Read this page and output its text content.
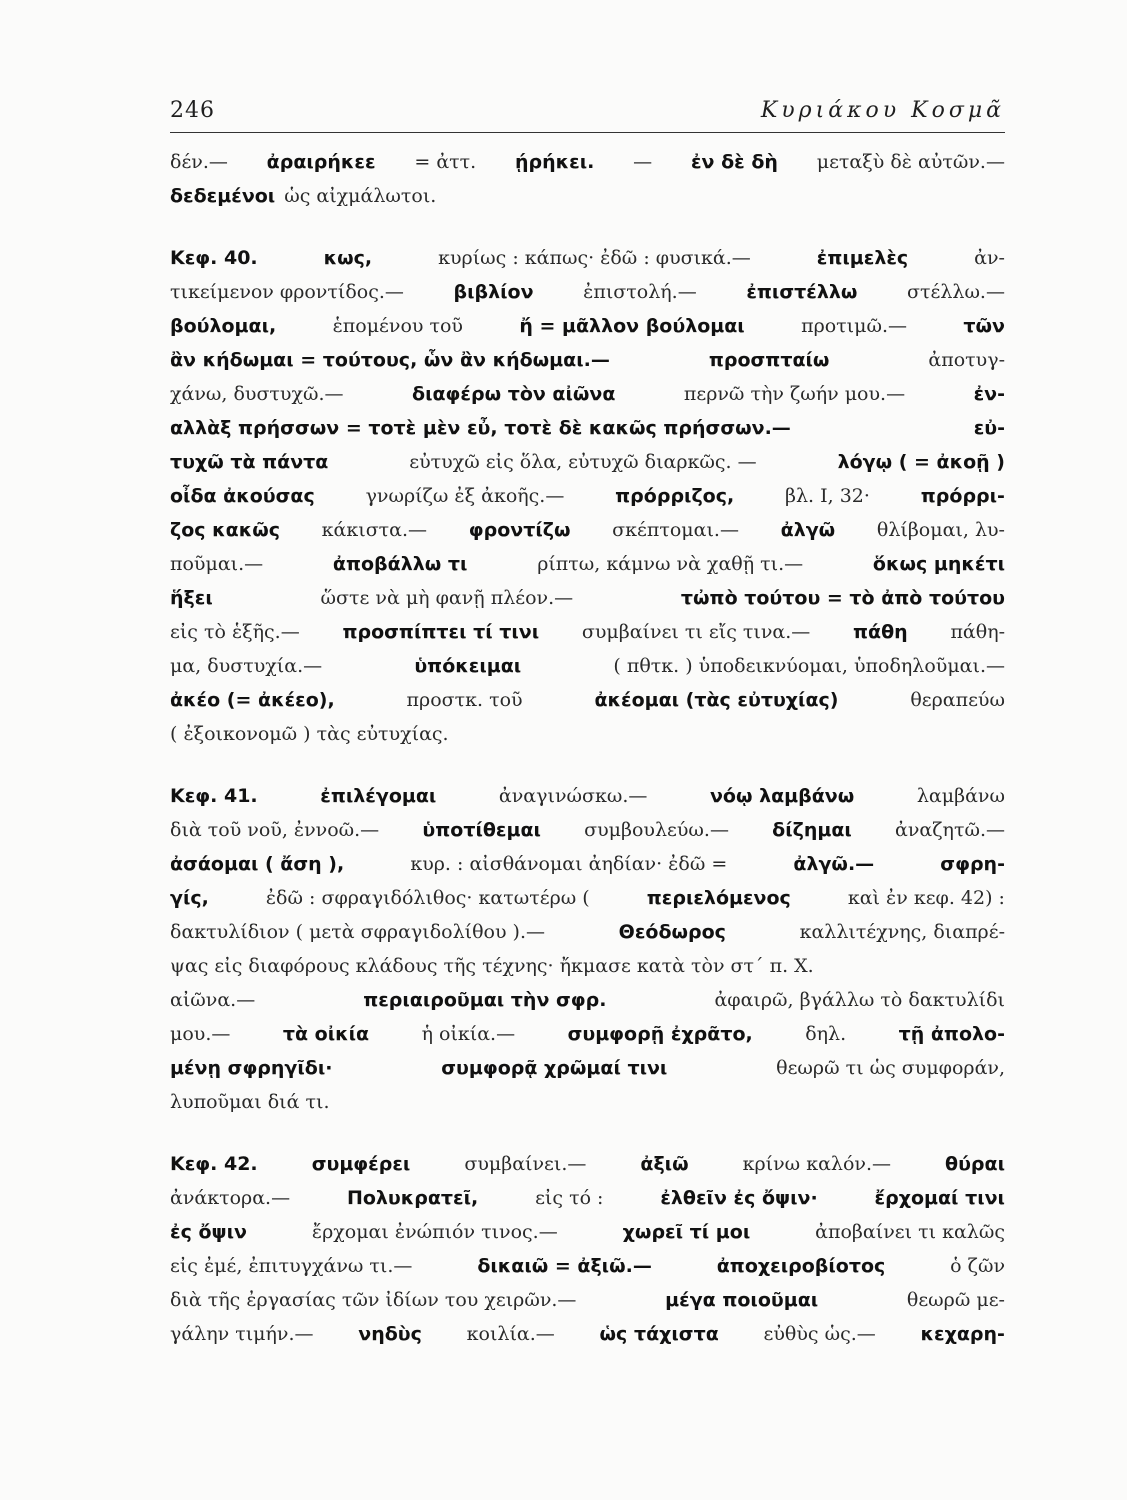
246	Κυριάκου Κοσμᾶ
δέν.— ἀραιρήκεε = ἀττ. ῄρήκει. — ἐν δὲ δὴ μεταξὺ δὲ αὐτῶν.—
δεδεμένοι ὡς αἰχμάλωτοι.
Κεφ. 40.	κως,	κυρίως : κάπως· ἐδῶ : φυσικά.—	ἐπιμελὲς	ἀν-
τικείμενον φροντίδος.—	βιβλίον	ἐπιστολή.—	ἐπιστέλλω	στέλλω.—
βούλομαι,	ἑπομένου τοῦ	ἤ = μᾶλλον βούλομαι	προτιμῶ.—	τῶν
ἂν κήδωμαι = τούτους, ὧν ἂν κήδωμαι.—	προσπταίω	ἀποτυγ-
χάνω, δυστυχῶ.—	διαφέρω τὸν αἰῶνα	περνῶ τὴν ζωήν μου.—	ἐν-
αλλὰξ πρήσσων = τοτὲ μὲν εὖ, τοτὲ δὲ κακῶς πρήσσων.—	εὐ-
τυχῶ τὰ πάντα	εὐτυχῶ εἰς ὅλα, εὐτυχῶ διαρκῶς. —	λόγῳ ( = ἀκοῇ )
οἶδα ἀκούσας	γνωρίζω ἐξ ἀκοῆς.—	πρόρριζος,	βλ. I, 32·	πρόρρι-
ζος κακῶς κάκιστα.— φροντίζω σκέπτομαι.— ἀλγῶ θλίβομαι, λυ-
ποῦμαι.—	ἀποβάλλω τι	ρίπτω, κάμνω νὰ χαθῇ τι.—	ὅκως μηκέτι
ἥξει	ὥστε νὰ μὴ φανῇ πλέον.—	τὠπὸ τούτου = τὸ ἀπὸ τούτου
εἰς τὸ ἑξῆς.— προσπίπτει τί τινι συμβαίνει τι εἴς τινα.— πάθη πάθη-
μα, δυστυχία.—	ὑπόκειμαι	( πθτκ. ) ὑποδεικνύομαι, ὑποδηλοῦμαι.—
ἀκέο (= ἀκέεο),	προστκ. τοῦ	ἀκέομαι (τὰς εὐτυχίας)	θεραπεύω
( ἐξοικονομῶ ) τὰς εὐτυχίας.
Κεφ. 41.	ἐπιλέγομαι	ἀναγινώσκω.—	νόῳ λαμβάνω	λαμβάνω
διὰ τοῦ νοῦ, ἐννοῶ.— ὑποτίθεμαι συμβουλεύω.— δίζημαι ἀναζητῶ.—
ἀσάομαι ( ἄση ),	κυρ. : αἰσθάνομαι ἀηδίαν· ἐδῶ =	ἀλγῶ.—	σφρη-
γίς,	ἐδῶ : σφραγιδόλιθος· κατωτέρω (	περιελόμενος	καὶ ἐν κεφ. 42) :
δακτυλίδιον ( μετὰ σφραγιδολίθου ).—	Θεόδωρος	καλλιτέχνης, διαπρέ-
ψας εἰς διαφόρους κλάδους τῆς τέχνης· ἤκμασε κατὰ τὸν στ΄ π. Χ.
αἰῶνα.—	περιαιροῦμαι τὴν σφρ.	ἀφαιρῶ, βγάλλω τὸ δακτυλίδι
μου.—	τὰ οἰκία	ἡ οἰκία.—	συμφορῇ ἐχρᾶτο,	δηλ.	τῇ ἀπολο-
μένῃ σφρηγῖδι·	συμφορᾷ χρῶμαί τινι	θεωρῶ τι ὡς συμφοράν,
λυποῦμαι διά τι.
Κεφ. 42.	συμφέρει	συμβαίνει.—	ἀξιῶ	κρίνω καλόν.—	θύραι
ἀνάκτορα.—	Πολυκρατεῖ,	εἰς τό :	ἐλθεῖν ἐς ὄψιν·	ἔρχομαί τινι
ἐς ὄψιν	ἔρχομαι ἐνώπιόν τινος.—	χωρεῖ τί μοι	ἀποβαίνει τι καλῶς
εἰς ἐμέ, ἐπιτυγχάνω τι.—	δικαιῶ = ἀξιῶ.—	ἀποχειροβίοτος	ὁ ζῶν
διὰ τῆς ἐργασίας τῶν ἰδίων του χειρῶν.—	μέγα ποιοῦμαι	θεωρῶ με-
γάλην τιμήν.— νηδὺς κοιλία.— ὡς τάχιστα εὐθὺς ὡς.— κεχαρη-
